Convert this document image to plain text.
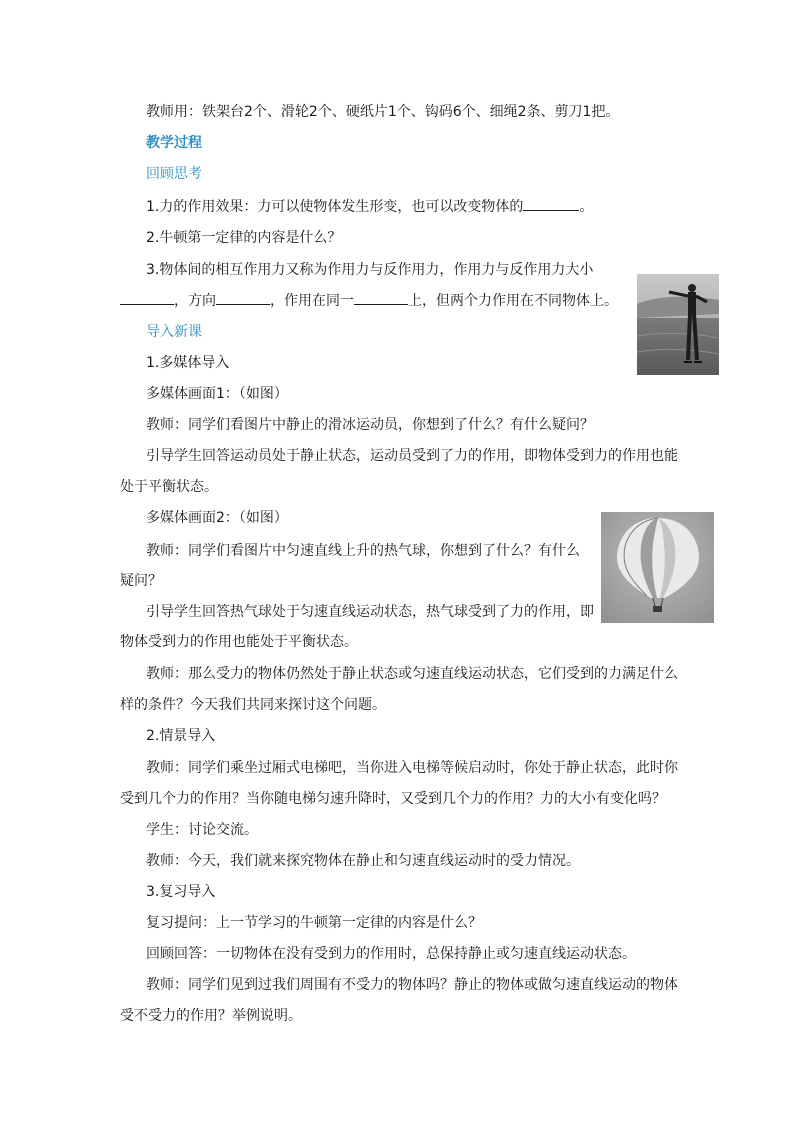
教师用：铁架台2个、滑轮2个、硬纸片1个、钩码6个、细绳2条、剪刀1把。
教学过程
回顾思考
1.力的作用效果：力可以使物体发生形变，也可以改变物体的	。
2.牛顿第一定律的内容是什么？
3.物体间的相互作用力又称为作用力与反作用力，作用力与反作用力大小
，方向	，作用在同一	上，但两个力作用在不同物体上。
导入新课
1.多媒体导入
多媒体画面1：（如图）
教师：同学们看图片中静止的滑冰运动员，你想到了什么？有什么疑问？
引导学生回答运动员处于静止状态，运动员受到了力的作用，即物体受到力的作用也能
处于平衡状态。
多媒体画面2：（如图）
教师：同学们看图片中匀速直线上升的热气球，你想到了什么？有什么
疑问？
引导学生回答热气球处于匀速直线运动状态，热气球受到了力的作用，即
物体受到力的作用也能处于平衡状态。
教师：那么受力的物体仍然处于静止状态或匀速直线运动状态，它们受到的力满足什么
样的条件？今天我们共同来探讨这个问题。
2.情景导入
教师：同学们乘坐过厢式电梯吧，当你进入电梯等候启动时，你处于静止状态，此时你
受到几个力的作用？当你随电梯匀速升降时，又受到几个力的作用？力的大小有变化吗？
学生：讨论交流。
教师：今天，我们就来探究物体在静止和匀速直线运动时的受力情况。
3.复习导入
复习提问：上一节学习的牛顿第一定律的内容是什么？
回顾回答：一切物体在没有受到力的作用时，总保持静止或匀速直线运动状态。
教师：同学们见到过我们周围有不受力的物体吗？静止的物体或做匀速直线运动的物体
受不受力的作用？举例说明。
